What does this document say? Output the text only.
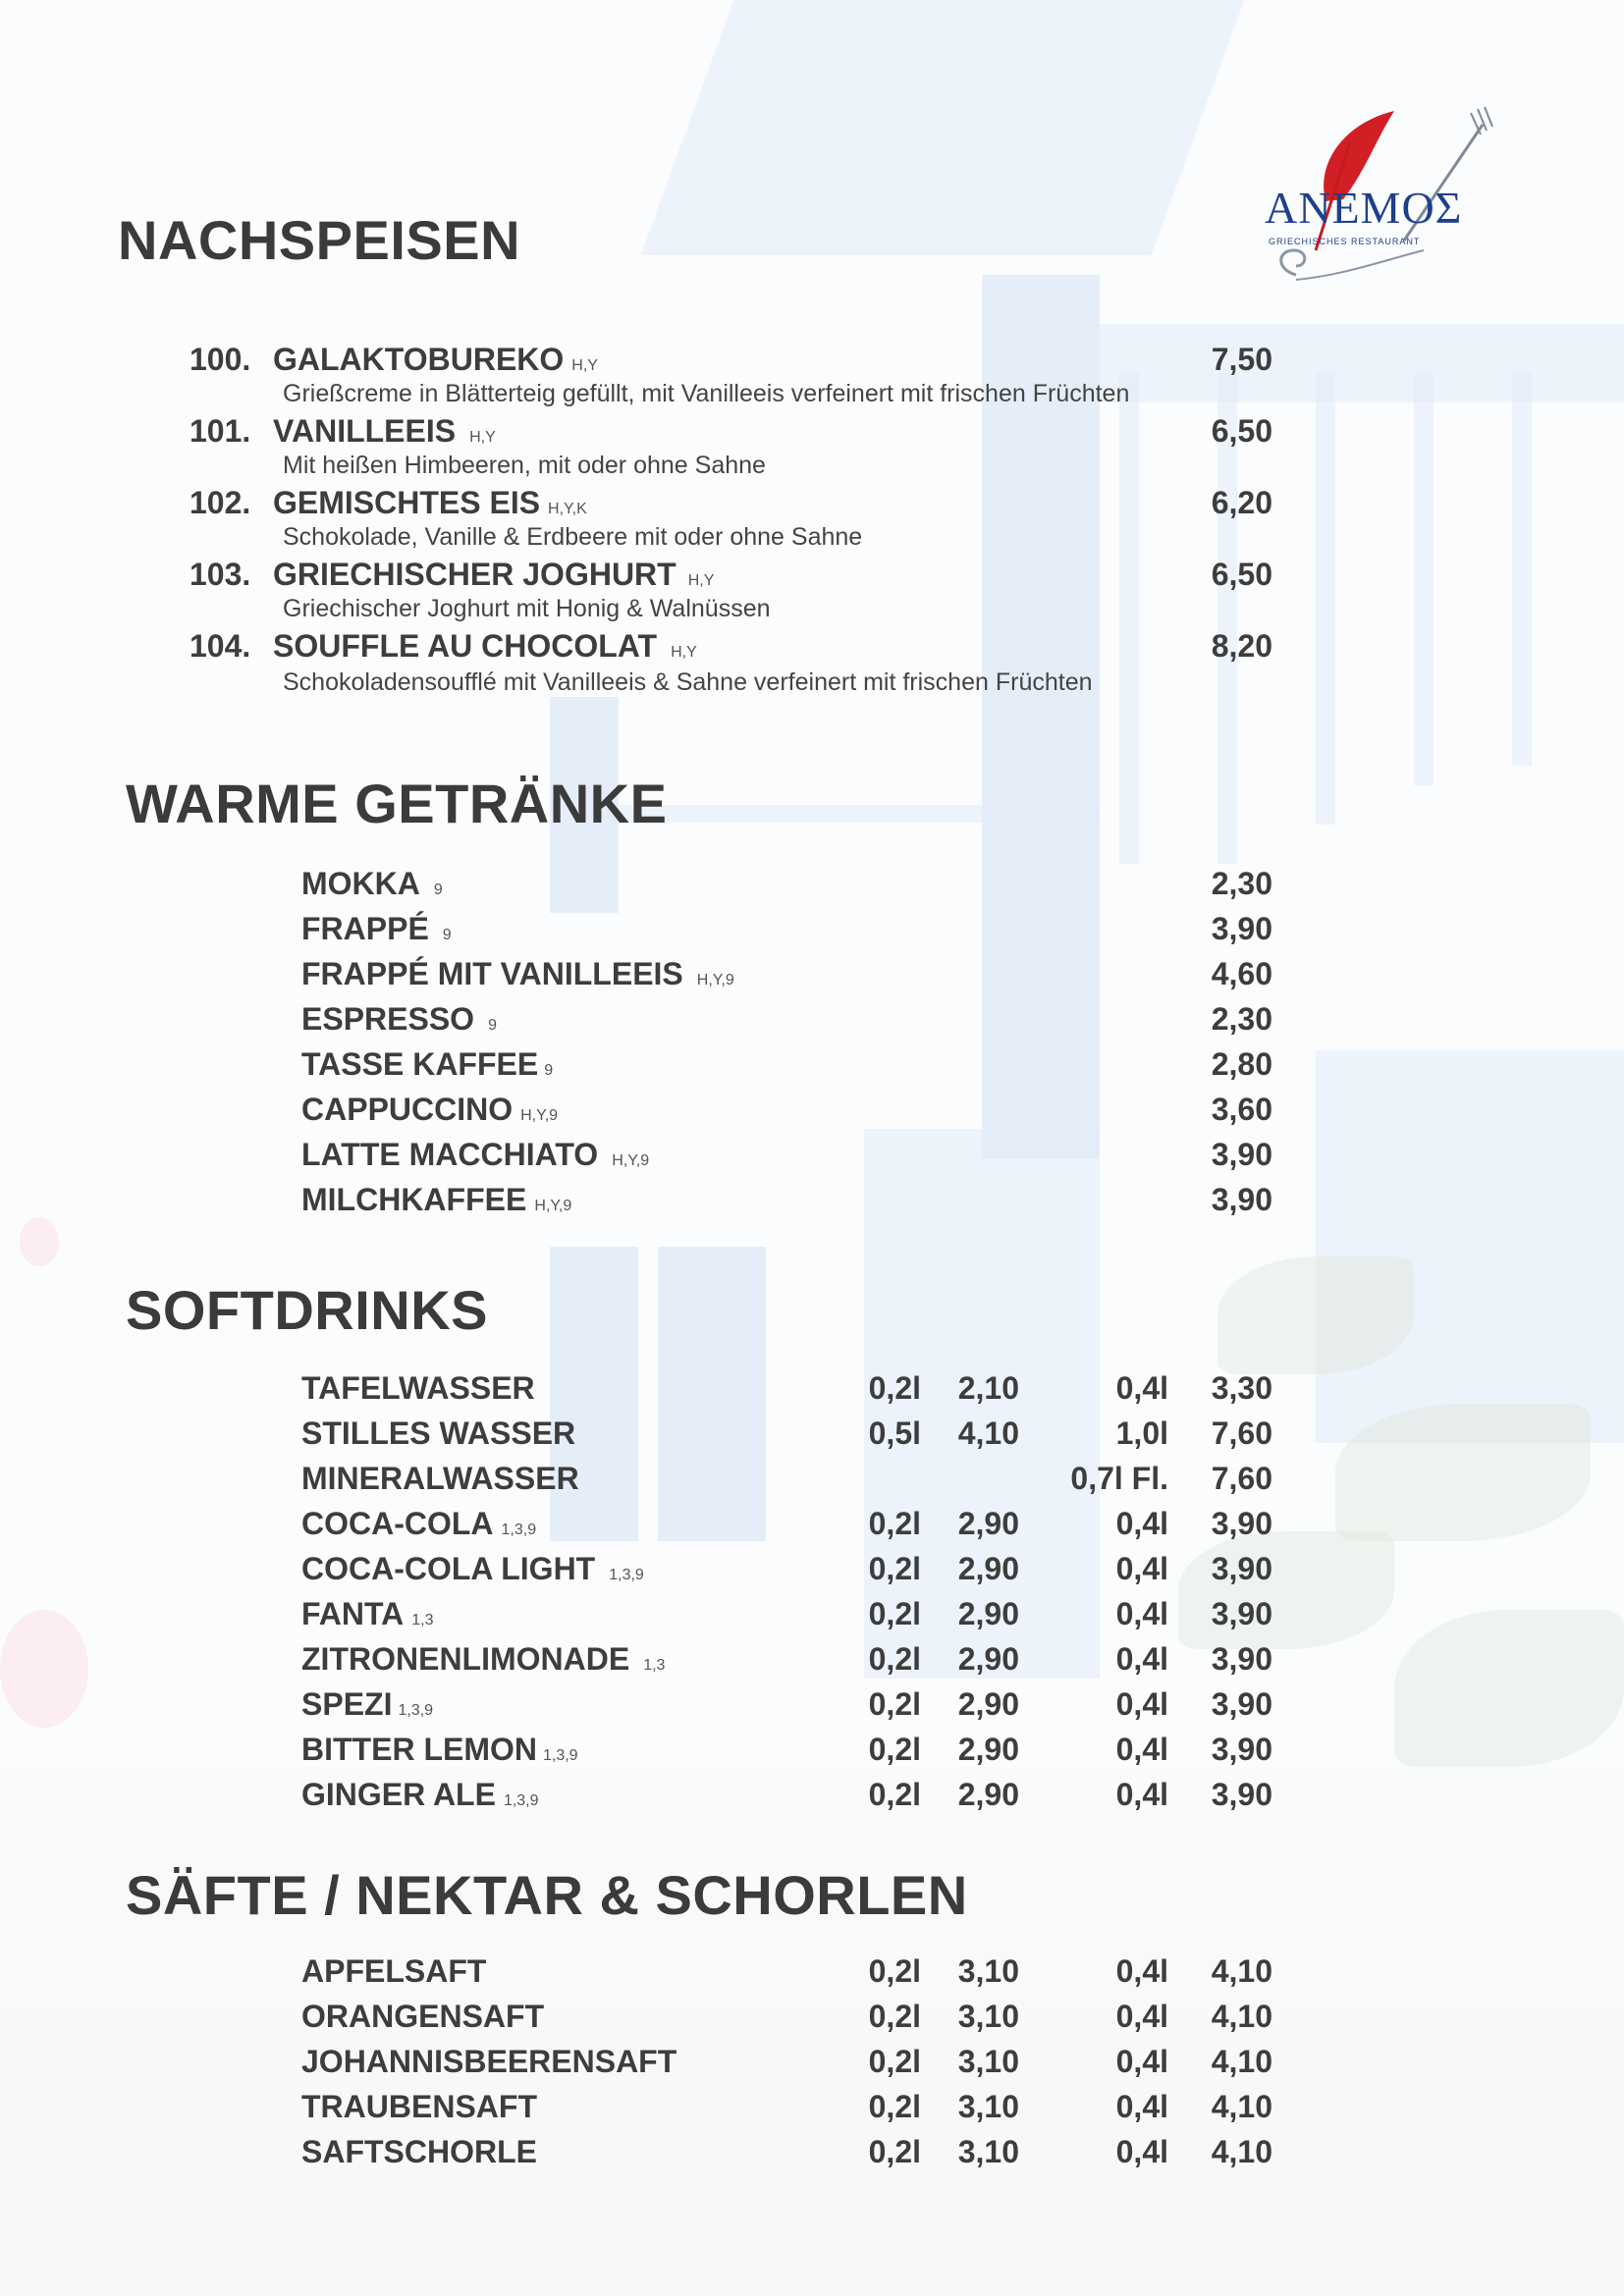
ΑΝΕΜΟΣ
GRIECHISCHES RESTAURANT
NACHSPEISEN
100. GALAKTOBUREKO H,Y
Grießcreme in Blätterteig gefüllt, mit Vanilleeis verfeinert mit frischen Früchten
7,50
101. VANILLEEIS H,Y
Mit heißen Himbeeren, mit oder ohne Sahne
6,50
102. GEMISCHTES EIS H,Y,K
Schokolade, Vanille & Erdbeere mit oder ohne Sahne
6,20
103. GRIECHISCHER JOGHURT H,Y
Griechischer Joghurt mit Honig & Walnüssen
6,50
104. SOUFFLE AU CHOCOLAT H,Y
Schokoladensoufflé mit Vanilleeis & Sahne verfeinert mit frischen Früchten
8,20
WARME GETRÄNKE
MOKKA 9	2,30
FRAPPÉ 9	3,90
FRAPPÉ MIT VANILLEEIS H,Y,9	4,60
ESPRESSO 9	2,30
TASSE KAFFEE 9	2,80
CAPPUCCINO H,Y,9	3,60
LATTE MACCHIATO H,Y,9	3,90
MILCHKAFFEE H,Y,9	3,90
SOFTDRINKS
TAFELWASSER	0,2l	2,10	0,4l	3,30
STILLES WASSER	0,5l	4,10	1,0l	7,60
MINERALWASSER	0,7l Fl.	7,60
COCA-COLA 1,3,9	0,2l	2,90	0,4l	3,90
COCA-COLA LIGHT 1,3,9	0,2l	2,90	0,4l	3,90
FANTA 1,3	0,2l	2,90	0,4l	3,90
ZITRONENLIMONADE 1,3	0,2l	2,90	0,4l	3,90
SPEZI 1,3,9	0,2l	2,90	0,4l	3,90
BITTER LEMON 1,3,9	0,2l	2,90	0,4l	3,90
GINGER ALE 1,3,9	0,2l	2,90	0,4l	3,90
SÄFTE / NEKTAR & SCHORLEN
APFELSAFT	0,2l	3,10	0,4l	4,10
ORANGENSAFT	0,2l	3,10	0,4l	4,10
JOHANNISBEERENSAFT	0,2l	3,10	0,4l	4,10
TRAUBENSAFT	0,2l	3,10	0,4l	4,10
SAFTSCHORLE	0,2l	3,10	0,4l	4,10
